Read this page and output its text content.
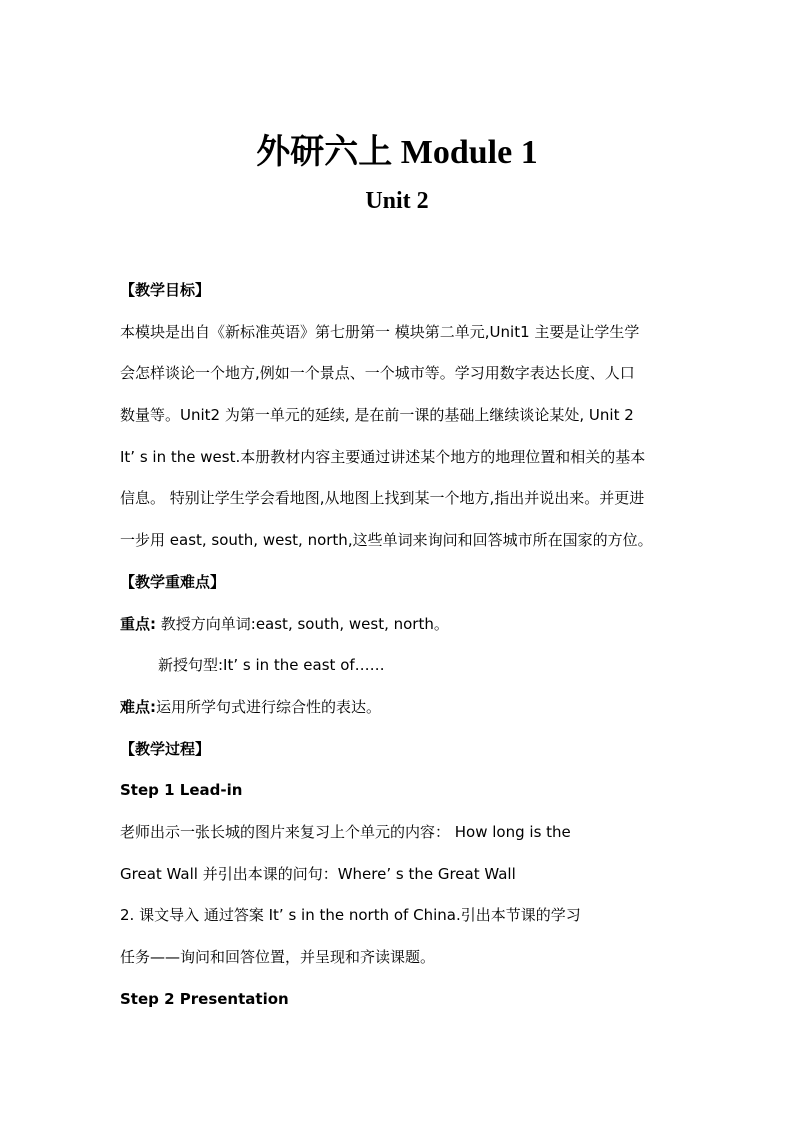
外研六上 Module 1
Unit 2
【教学目标】
本模块是出自《新标准英语》第七册第一 模块第二单元,Unit1 主要是让学生学
会怎样谈论一个地方,例如一个景点、一个城市等。学习用数字表达长度、人口
数量等。Unit2 为第一单元的延续, 是在前一课的基础上继续谈论某处, Unit 2
It’ s in the west.本册教材内容主要通过讲述某个地方的地理位置和相关的基本
信息。 特别让学生学会看地图,从地图上找到某一个地方,指出并说出来。并更进
一步用 east, south, west, north,这些单词来询问和回答城市所在国家的方位。
【教学重难点】
重点: 教授方向单词:east, south, west, north。
新授句型:It’ s in the east of……
难点:运用所学句式进行综合性的表达。
【教学过程】
Step 1 Lead-in
老师出示一张长城的图片来复习上个单元的内容： How long is the
Great Wall 并引出本课的问句：Where’ s the Great Wall
2. 课文导入 通过答案 It’ s in the north of China.引出本节课的学习
任务——询问和回答位置，并呈现和齐读课题。
Step 2 Presentation
